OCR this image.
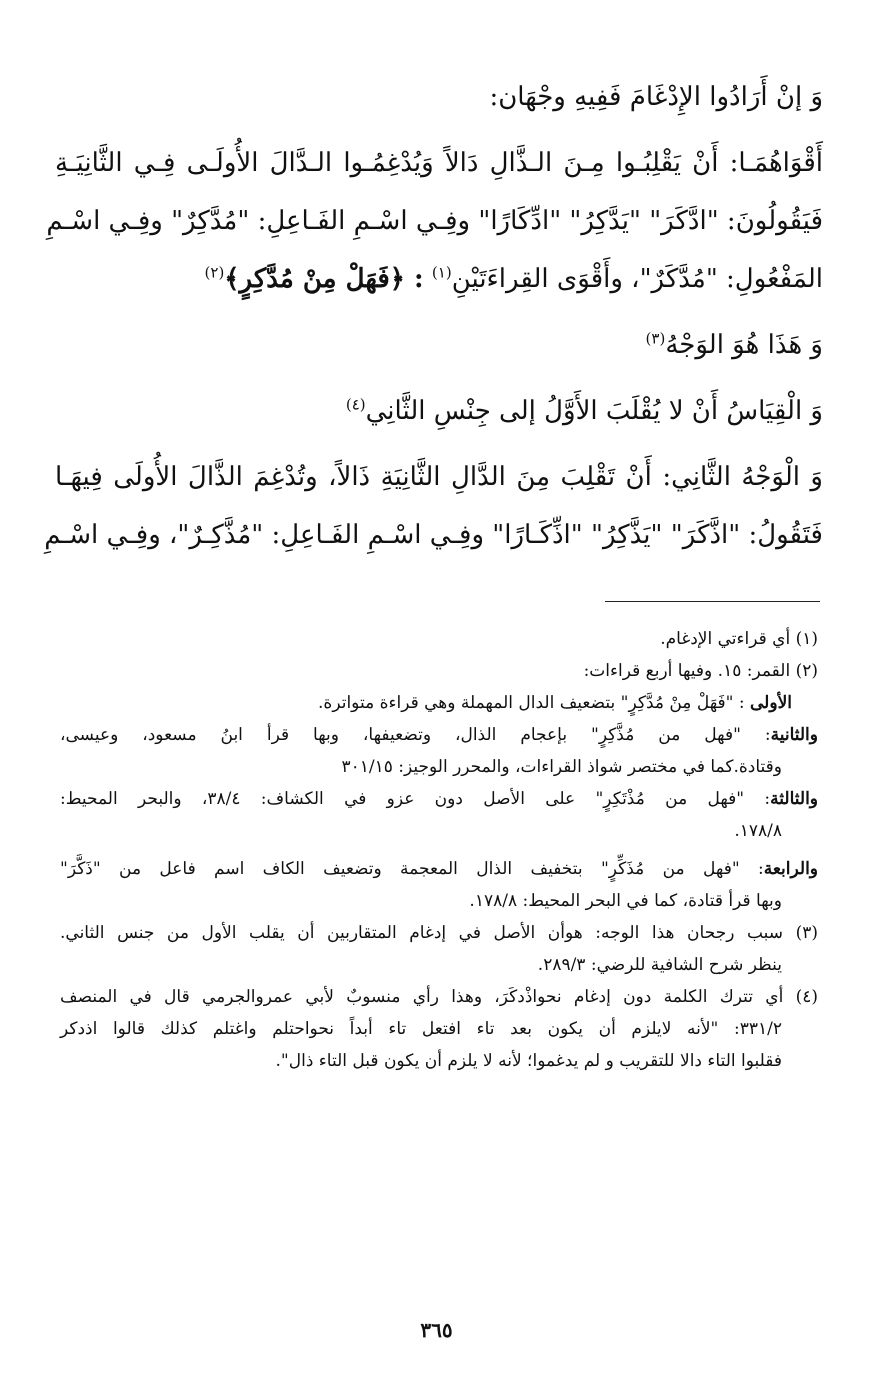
وَ إنْ أَرَادُوا الإِدْغَامَ فَفِيهِ وجْهَان:
أَقْوَاهُمَـا: أَنْ يَقْلِبُـوا مِـنَ الـذَّالِ دَالاً وَيُدْغِمُـوا الـدَّالَ الأُولَـى فِـي الثَّانِيَـةِ
فَيَقُولُونَ: "ادَّكَرَ" "يَدَّكِرُ" "ادِّكَارًا" وفِـي اسْـمِ الفَـاعِلِ: "مُدَّكِرٌ" وفِـي اسْـمِ
المَفْعُولِ: "مُدَّكَرٌ"، وأَقْوَى القِراءَتَيْنِ$^{(١)}$ : ﴿فَهَلْ مِنْ مُدَّكِرٍ﴾$^{(٢)}$
وَ هَذَا هُوَ الوَجْهُ$^{(٣)}$
وَ الْقِيَاسُ أَنْ لا يُقْلَبَ الأَوَّلُ إلى جِنْسِ الثَّانِي$^{(٤)}$
وَ الْوَجْهُ الثَّانِي: أَنْ تَقْلِبَ مِنَ الدَّالِ الثَّانِيَةِ ذَالاً، وتُدْغِمَ الذَّالَ الأُولَى فِيهَـا
فَتَقُولُ: "اذَّكَرَ" "يَذَّكِرُ" "اذِّكَـارًا" وفِـي اسْـمِ الفَـاعِلِ: "مُذَّكِـرٌ"، وفِـي اسْـمِ
(١) أي قراءتي الإدغام.
(٢) القمر: ١٥. وفيها أربع قراءات:
الأولى : "فَهَلْ مِنْ مُدَّكِرٍ" بتضعيف الدال المهملة وهي قراءة متواترة.
والثانية: "فهل من مُذَّكِرٍ" بإعجام الذال، وتضعيفها، وبها قرأ ابنُ مسعود، وعيسى،
وقتادة.كما في مختصر شواذ القراءات، والمحرر الوجيز: ٣٠١/١٥
والثالثة: "فهل من مُذْتَكِرٍ" على الأصل دون عزو في الكشاف: ٣٨/٤، والبحر المحيط:
١٧٨/٨.
والرابعة: "فهل من مُذَكِّرٍ" بتخفيف الذال المعجمة وتضعيف الكاف اسم فاعل من "ذَكَّرَ"
وبها قرأ قتادة، كما في البحر المحيط: ١٧٨/٨.
(٣) سبب رجحان هذا الوجه: هوأن الأصل في إدغام المتقاربين أن يقلب الأول من جنس الثاني.
ينظر شرح الشافية للرضي: ٢٨٩/٣.
(٤) أي تترك الكلمة دون إدغام نحواذْدكَرَ، وهذا رأي منسوبٌ لأبي عمروالجرمي قال في المنصف
٣٣١/٢: "لأنه لايلزم أن يكون بعد تاء افتعل تاء أبداً نحواحتلم واغتلم كذلك قالوا اذدكر
فقلبوا التاء دالا للتقريب و لم يدغموا؛ لأنه لا يلزم أن يكون قبل التاء ذال".
٣٦٥
